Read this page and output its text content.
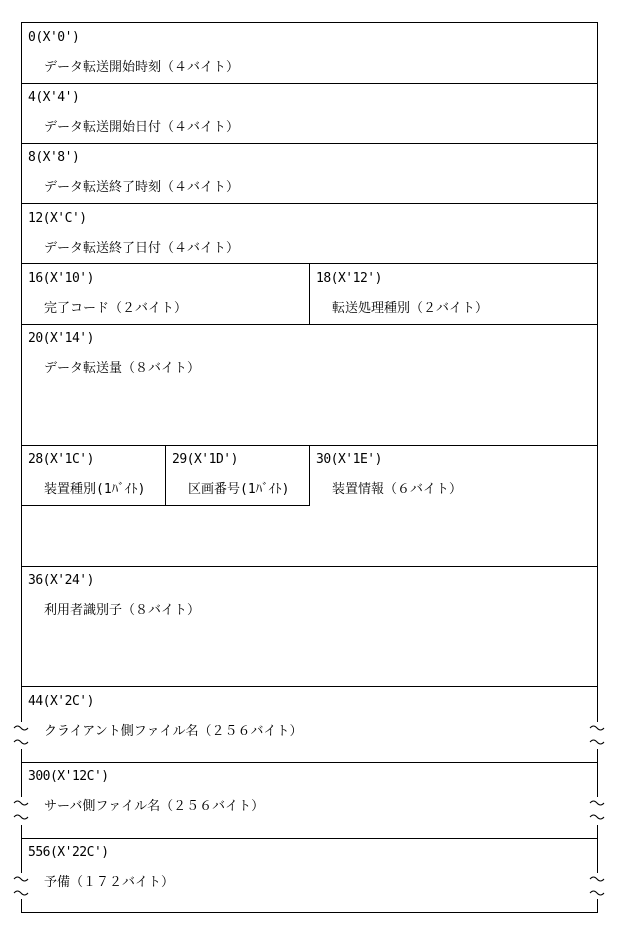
0(X'0')
データ転送開始時刻（４バイト）
4(X'4')
データ転送開始日付（４バイト）
8(X'8')
データ転送終了時刻（４バイト）
12(X'C')
データ転送終了日付（４バイト）
16(X'10')
完了コード（２バイト）
18(X'12')
転送処理種別（２バイト）
20(X'14')
データ転送量（８バイト）
28(X'1C')
装置種別(1ﾊﾞｲﾄ)
29(X'1D')
区画番号(1ﾊﾞｲﾄ)
30(X'1E')
装置情報（６バイト）
36(X'24')
利用者識別子（８バイト）
44(X'2C')
クライアント側ファイル名（２５６バイト）
300(X'12C')
サーバ側ファイル名（２５６バイト）
556(X'22C')
予備（１７２バイト）
